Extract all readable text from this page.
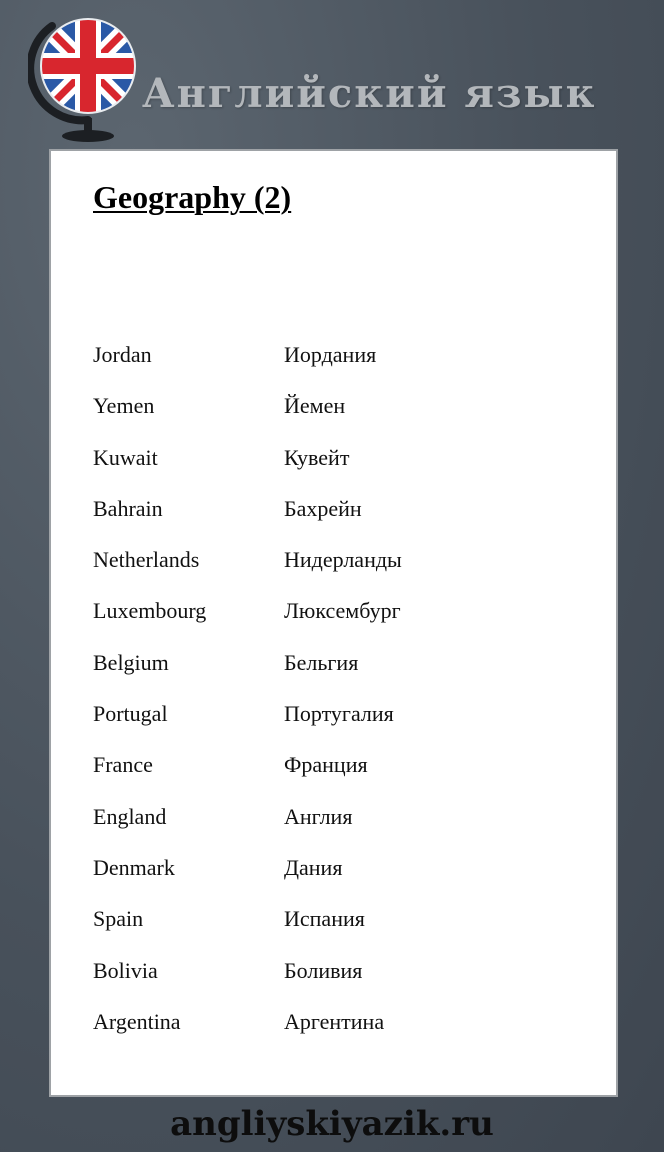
Английский язык
Geography (2)
Jordan	Иордания
Yemen	Йемен
Kuwait	Кувейт
Bahrain	Бахрейн
Netherlands	Нидерланды
Luxembourg	Люксембург
Belgium	Бельгия
Portugal	Португалия
France	Франция
England	Англия
Denmark	Дания
Spain	Испания
Bolivia	Боливия
Argentina	Аргентина
angliyskiyazik.ru
